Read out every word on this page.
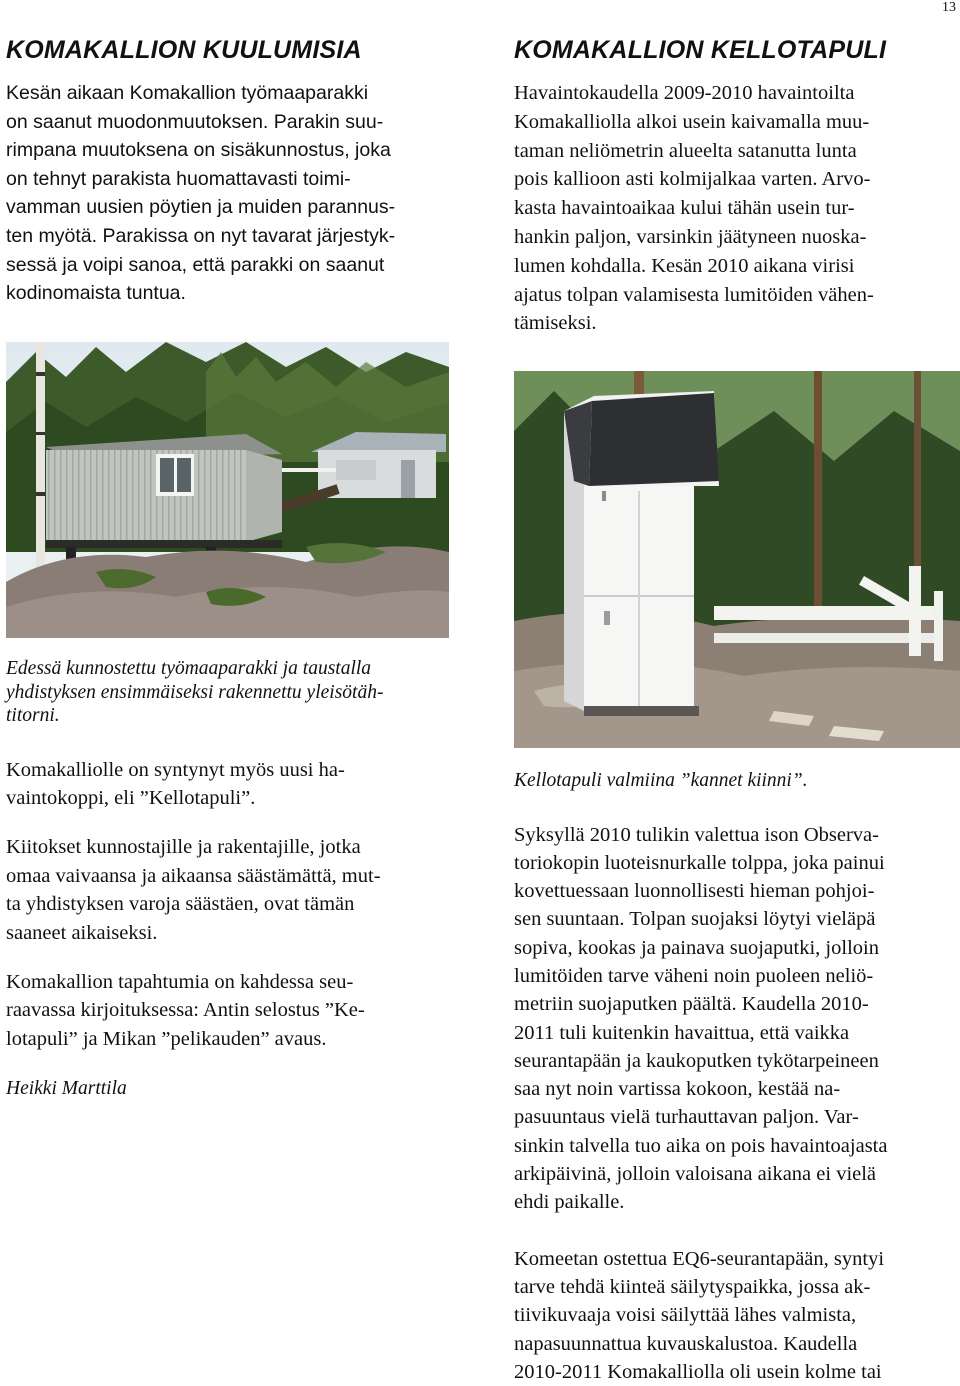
13
KOMAKALLION KUULUMISIA

Kesän aikaan Komakallion työmaaparakki
on saanut muodonmuutoksen. Parakin suu-
rimpana muutoksena on sisäkunnostus, joka
on tehnyt parakista huomattavasti toimi-
vamman uusien pöytien ja muiden parannus-
ten myötä. Parakissa on nyt tavarat järjestyk-
sessä ja voipi sanoa, että parakki on saanut
kodinomaista tuntua.

Edessä kunnostettu työmaaparakki ja taustalla
yhdistyksen ensimmäiseksi rakennettu yleisötäh-
titorni.

Komakalliolle on syntynyt myös uusi ha-
vaintokoppi, eli ”Kellotapuli”.

Kiitokset kunnostajille ja rakentajille, jotka
omaa vaivaansa ja aikaansa säästämättä, mut-
ta yhdistyksen varoja säästäen, ovat tämän
saaneet aikaiseksi.

Komakallion tapahtumia on kahdessa seu-
raavassa kirjoituksessa: Antin selostus ”Ke-
lotapuli” ja Mikan ”pelikauden” avaus.

Heikki Marttila

KOMAKALLION KELLOTAPULI

Havaintokaudella 2009-2010 havaintoilta
Komakalliolla alkoi usein kaivamalla muu-
taman neliömetrin alueelta satanutta lunta
pois kallioon asti kolmijalkaa varten. Arvo-
kasta havaintoaikaa kului tähän usein tur-
hankin paljon, varsinkin jäätyneen nuoska-
lumen kohdalla. Kesän 2010 aikana virisi
ajatus tolpan valamisesta lumitöiden vähen-
tämiseksi.

Kellotapuli valmiina ”kannet kiinni”.

Syksyllä 2010 tulikin valettua ison Observa-
toriokopin luoteisnurkalle tolppa, joka painui
kovettuessaan luonnollisesti hieman pohjoi-
sen suuntaan. Tolpan suojaksi löytyi vieläpä
sopiva, kookas ja painava suojaputki, jolloin
lumitöiden tarve väheni noin puoleen neliö-
metriin suojaputken päältä. Kaudella 2010-
2011 tuli kuitenkin havaittua, että vaikka
seurantapään ja kaukoputken tykötarpeineen
saa nyt noin vartissa kokoon, kestää na-
pasuuntaus vielä turhauttavan paljon. Var-
sinkin talvella tuo aika on pois havaintoajasta
arkipäivinä, jolloin valoisana aikana ei vielä
ehdi paikalle.

Komeetan ostettua EQ6-seurantapään, syntyi
tarve tehdä kiinteä säilytyspaikka, jossa ak-
tiivikuvaaja voisi säilyttää lähes valmista,
napasuunnattua kuvauskalustoa. Kaudella
2010-2011 Komakalliolla oli usein kolme tai
